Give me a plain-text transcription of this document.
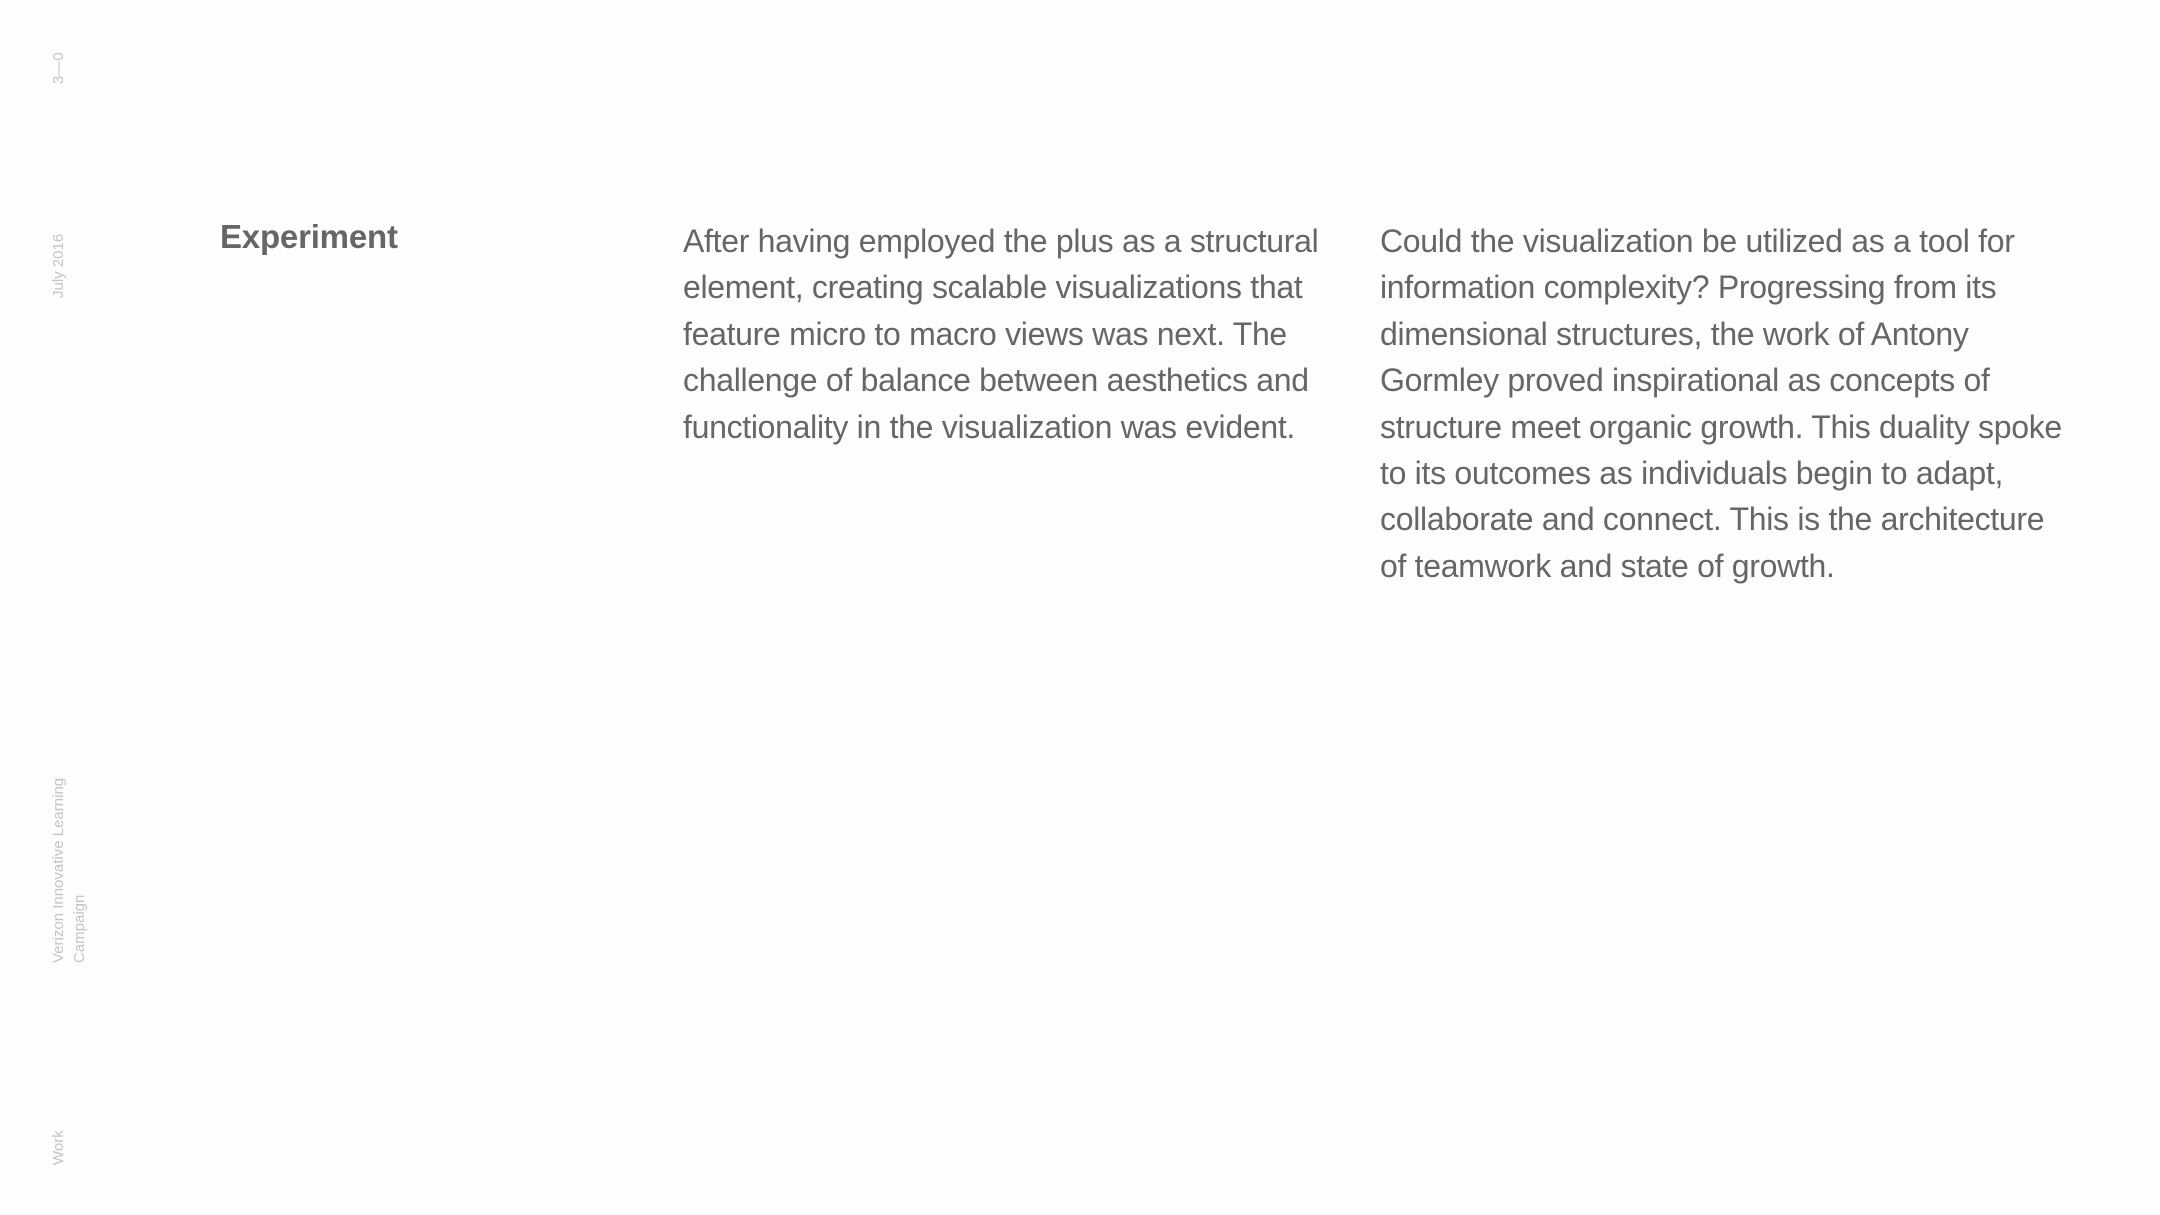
3—0
July 2016
Verizon Innovative Learning Campaign
Work
Experiment	After having employed the plus as a structural element, creating scalable visualizations that feature micro to macro views was next. The challenge of balance between aesthetics and functionality in the visualization was evident.

Could the visualization be utilized as a tool for information complexity? Progressing from its dimensional structures, the work of Antony Gormley proved inspirational as concepts of structure meet organic growth. This duality spoke to its outcomes as individuals begin to adapt, collaborate and connect. This is the architecture of teamwork and state of growth.
